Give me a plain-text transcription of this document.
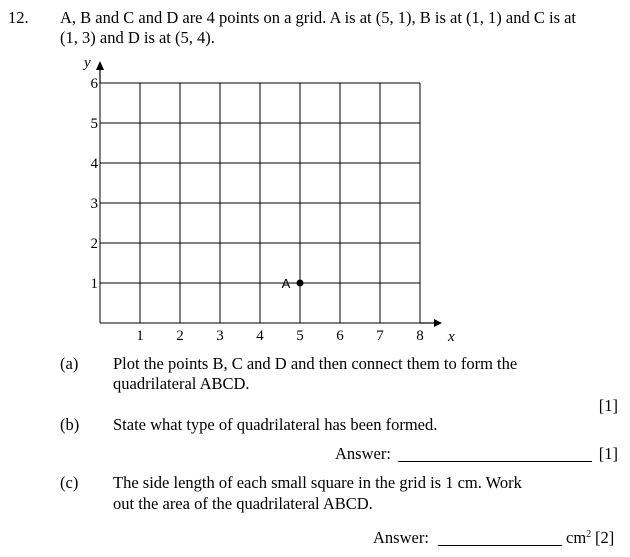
12. A, B and C and D are 4 points on a grid. A is at (5, 1), B is at (1, 1) and C is at
(1, 3) and D is at (5, 4).
1 2 3 4 5 6 7 8
1
2
3
4
5
6
x
y
A
(a) Plot the points B, C and D and then connect them to form the
quadrilateral ABCD.
[1]
(b) State what type of quadrilateral has been formed.
Answer:	[1]
(c) The side length of each small square in the grid is 1 cm. Work
out the area of the quadrilateral ABCD.
Answer:	$cm^2$ [2]
